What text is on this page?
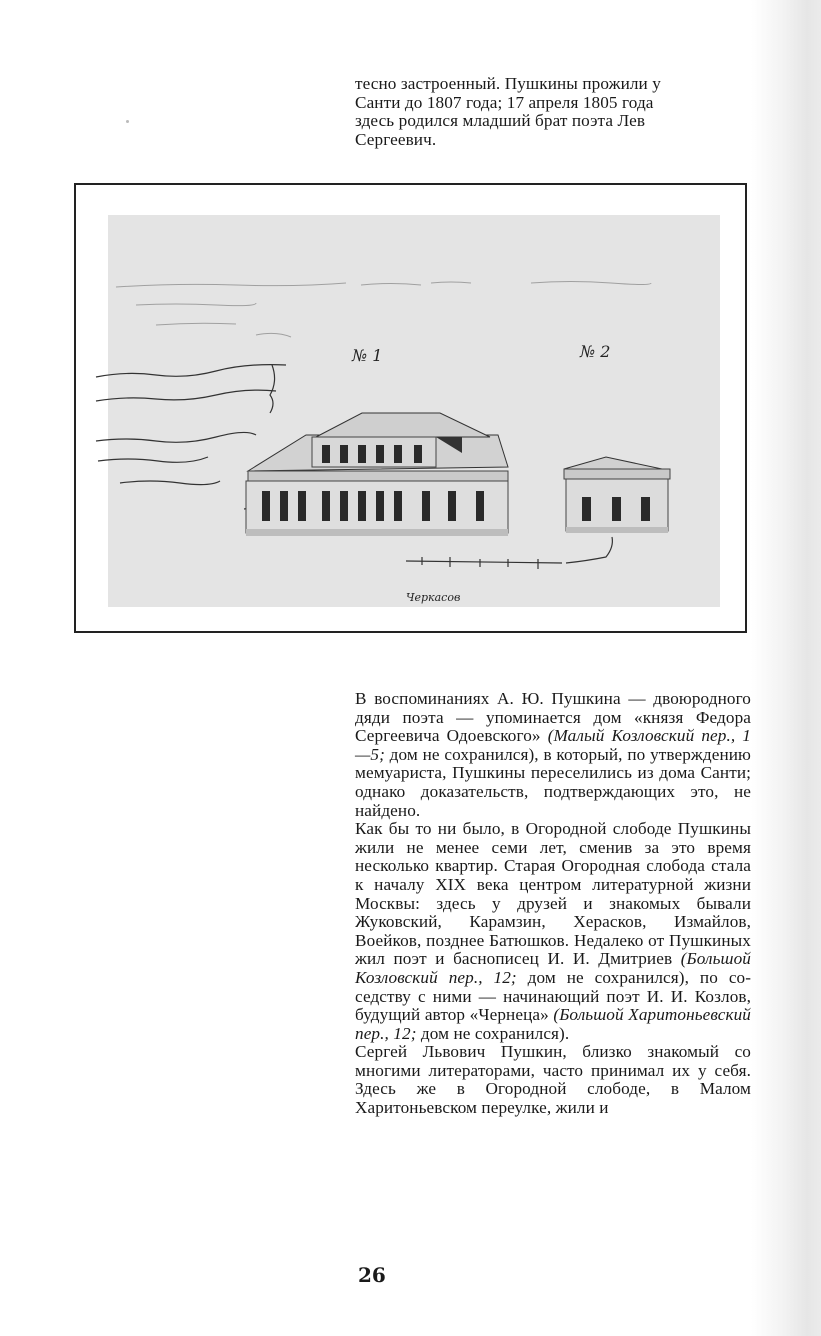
тесно застроенный. Пушкины прожили у

Санти до 1807 года; 17 апреля 1805 года

здесь родился младший брат поэта Лев

Сергеевич.

№ 1	№ 2
Черкасов

В воспоминаниях А. Ю. Пушкина — двоюродного дяди поэта — упоминается дом «князя Федора Сергеевича Одоевского» (Малый Козловский пер., 1—5; дом не сохранился), в который, по утверждению мемуариста, Пушкины переселились из дома Санти; однако доказательств, подтверждающих это, не найдено.

Как бы то ни было, в Огородной слободе Пушкины жили не менее семи лет, сменив за это время несколько квартир. Старая Огородная слобода стала к началу XIX века центром литературной жизни Москвы: здесь у друзей и знакомых бывали Жуковский, Карамзин, Херасков, Измайлов, Воейков, позднее Батюшков. Недалеко от Пушкиных жил поэт и баснописец И. И. Дмитриев (Большой Козловский пер., 12; дом не сохранился), по соседству с ними — начинающий поэт И. И. Козлов, будущий автор «Чернеца» (Большой Харитоньевский пер., 12; дом не сохранился).

Сергей Львович Пушкин, близко знакомый со многими литераторами, часто принимал их у себя. Здесь же в Огородной слободе, в Малом Харитоньевском переулке, жили и

26
